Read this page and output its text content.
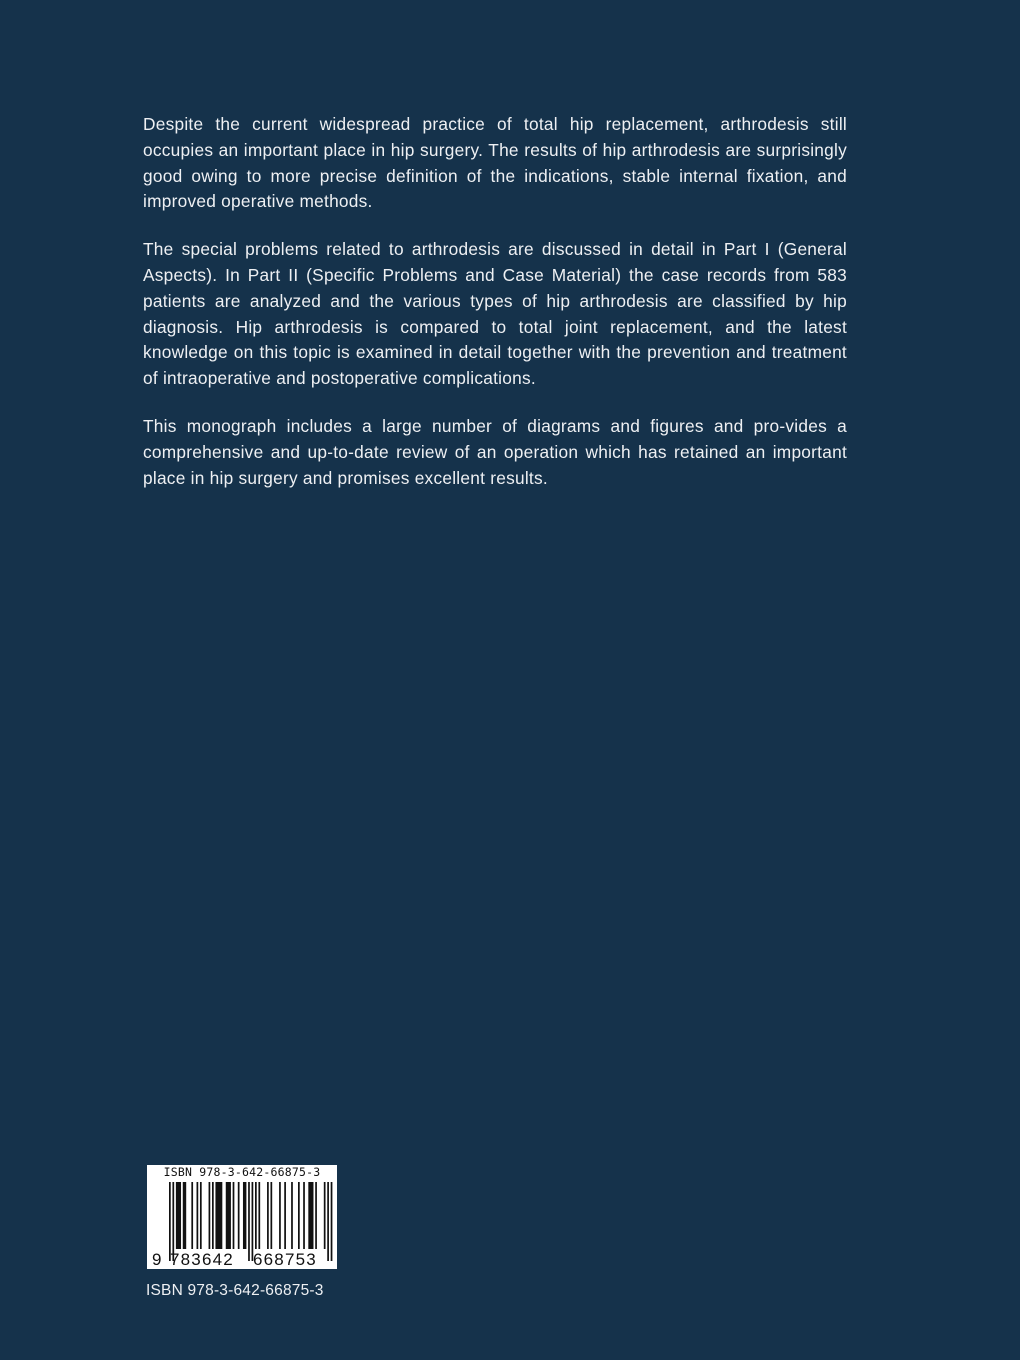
Despite the current widespread practice of total hip replacement, arthrodesis still occupies an important place in hip surgery. The results of hip arthrodesis are surprisingly good owing to more precise definition of the indications, stable internal fixation, and improved operative methods.

The special problems related to arthrodesis are discussed in detail in Part I (General Aspects). In Part II (Specific Problems and Case Material) the case records from 583 patients are analyzed and the various types of hip arthrodesis are classified by hip diagnosis. Hip arthrodesis is compared to total joint replacement, and the latest knowledge on this topic is examined in detail together with the prevention and treatment of intraoperative and postoperative complications.

This monograph includes a large number of diagrams and figures and pro-vides a comprehensive and up-to-date review of an operation which has retained an important place in hip surgery and promises excellent results.

ISBN 978-3-642-66875-3
9 783642 668753
ISBN 978-3-642-66875-3
